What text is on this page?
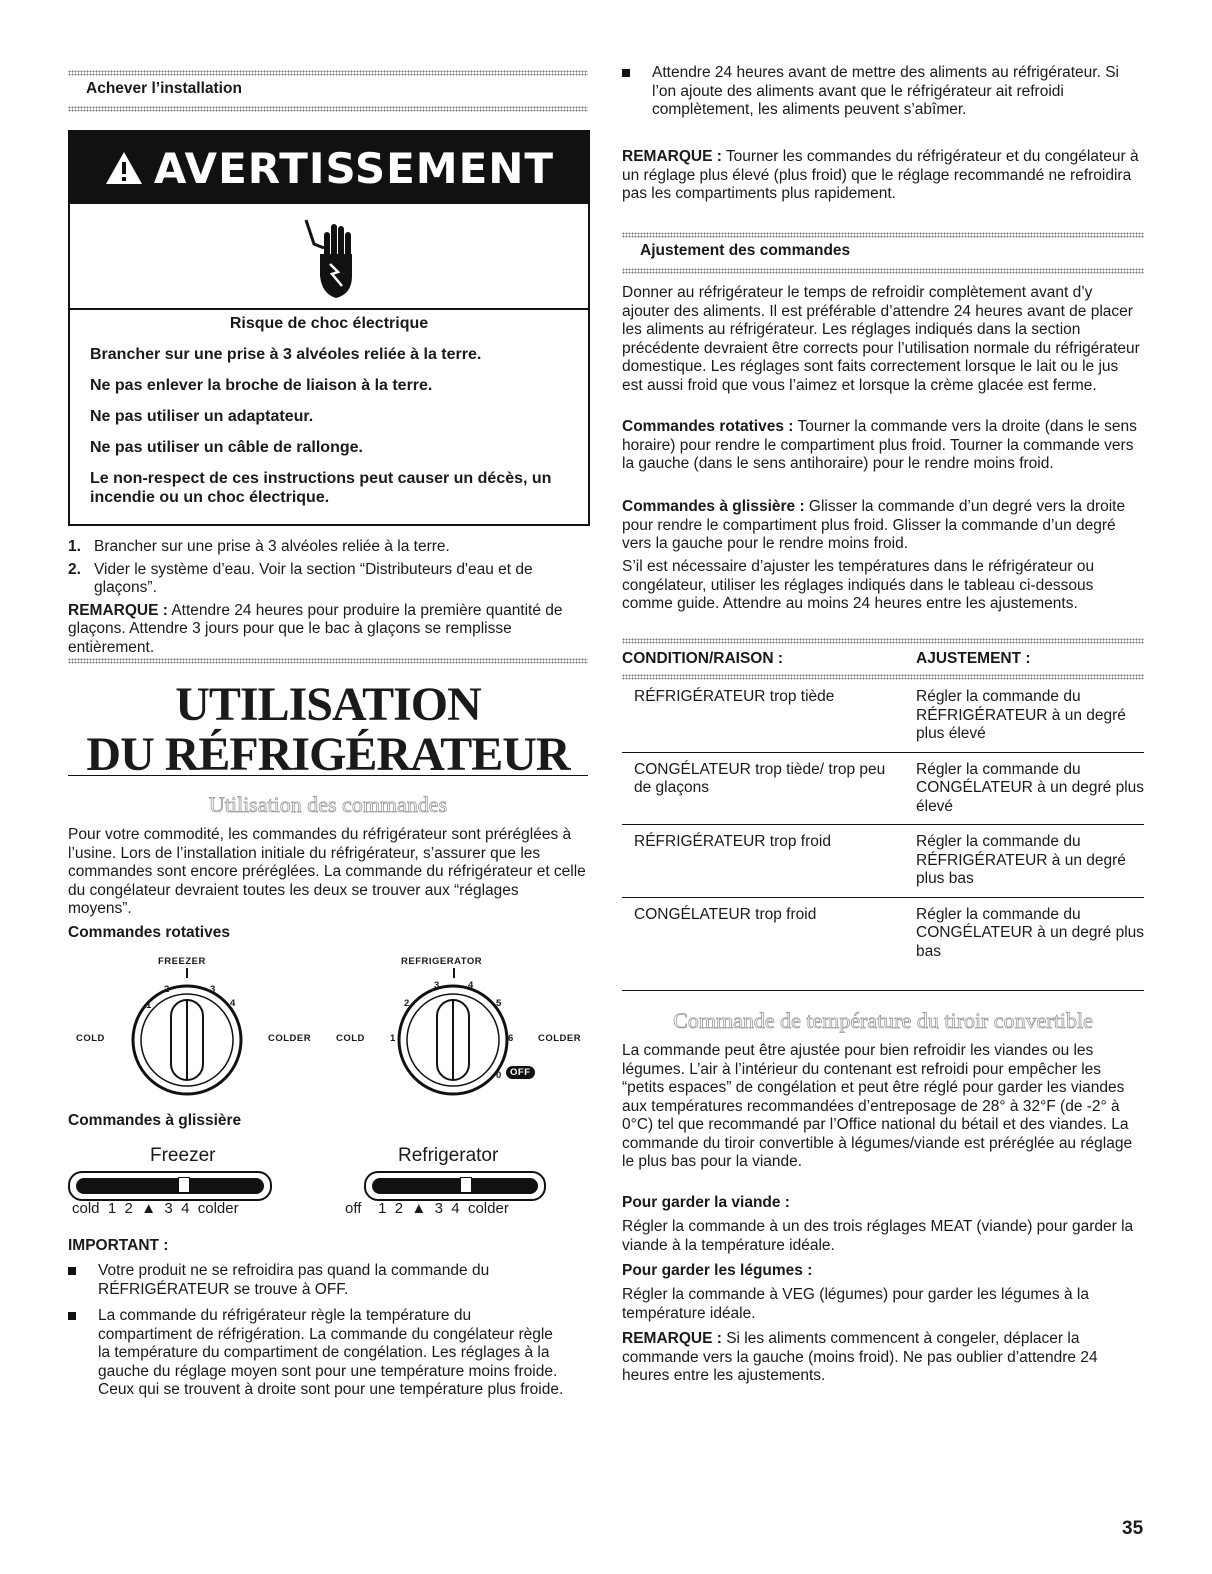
Achever l’installation
AVERTISSEMENT
Risque de choc électrique
Brancher sur une prise à 3 alvéoles reliée à la terre.
Ne pas enlever la broche de liaison à la terre.
Ne pas utiliser un adaptateur.
Ne pas utiliser un câble de rallonge.
Le non-respect de ces instructions peut causer un décès, un incendie ou un choc électrique.

1. Brancher sur une prise à 3 alvéoles reliée à la terre.

2. Vider le système d’eau. Voir la section “Distributeurs d'eau et de glaçons”.

REMARQUE : Attendre 24 heures pour produire la première quantité de glaçons. Attendre 3 jours pour que le bac à glaçons se remplisse entièrement.

UTILISATION
DU RÉFRIGÉRATEUR
Utilisation des commandes

Pour votre commodité, les commandes du réfrigérateur sont préréglées à l’usine. Lors de l’installation initiale du réfrigérateur, s’assurer que les commandes sont encore préréglées. La commande du réfrigérateur et celle du congélateur devraient toutes les deux se trouver aux “réglages moyens”.

Commandes rotatives
FREEZER
1
2	3
4
COLD	COLDER
REFRIGERATOR
3	4
2	5
1	6
0 OFF
COLD	COLDER
Commandes à glissière
Freezer
cold  1  2  ▲  3  4  colder
Refrigerator
off    1  2  ▲  3  4  colder
IMPORTANT :
Votre produit ne se refroidira pas quand la commande du RÉFRIGÉRATEUR se trouve à OFF.
La commande du réfrigérateur règle la température du compartiment de réfrigération. La commande du congélateur règle la température du compartiment de congélation. Les réglages à la gauche du réglage moyen sont pour une température moins froide. Ceux qui se trouvent à droite sont pour une température plus froide.
Attendre 24 heures avant de mettre des aliments au réfrigérateur. Si l’on ajoute des aliments avant que le réfrigérateur ait refroidi complètement, les aliments peuvent s’abîmer.

REMARQUE : Tourner les commandes du réfrigérateur et du congélateur à un réglage plus élevé (plus froid) que le réglage recommandé ne refroidira pas les compartiments plus rapidement.

Ajustement des commandes

Donner au réfrigérateur le temps de refroidir complètement avant d’y ajouter des aliments. Il est préférable d’attendre 24 heures avant de placer les aliments au réfrigérateur. Les réglages indiqués dans la section précédente devraient être corrects pour l’utilisation normale du réfrigérateur domestique. Les réglages sont faits correctement lorsque le lait ou le jus est aussi froid que vous l’aimez et lorsque la crème glacée est ferme.

Commandes rotatives : Tourner la commande vers la droite (dans le sens horaire) pour rendre le compartiment plus froid. Tourner la commande vers la gauche (dans le sens antihoraire) pour le rendre moins froid.

Commandes à glissière : Glisser la commande d’un degré vers la droite pour rendre le compartiment plus froid. Glisser la commande d’un degré vers la gauche pour le rendre moins froid.

S’il est nécessaire d’ajuster les températures dans le réfrigérateur ou congélateur, utiliser les réglages indiqués dans le tableau ci-dessous comme guide. Attendre au moins 24 heures entre les ajustements.

CONDITION/RAISON :	AJUSTEMENT :
RÉFRIGÉRATEUR trop tiède	Régler la commande du RÉFRIGÉRATEUR à un degré plus élevé
CONGÉLATEUR trop tiède/ trop peu de glaçons	Régler la commande du CONGÉLATEUR à un degré plus élevé
RÉFRIGÉRATEUR trop froid	Régler la commande du RÉFRIGÉRATEUR à un degré plus bas
CONGÉLATEUR trop froid	Régler la commande du CONGÉLATEUR à un degré plus bas
Commande de température du tiroir convertible

La commande peut être ajustée pour bien refroidir les viandes ou les légumes. L’air à l’intérieur du contenant est refroidi pour empêcher les “petits espaces” de congélation et peut être réglé pour garder les viandes aux températures recommandées d’entreposage de 28° à 32°F (de -2° à 0°C) tel que recommandé par l’Office national du bétail et des viandes. La commande du tiroir convertible à légumes/viande est préréglée au réglage le plus bas pour la viande.

Pour garder la viande :

Régler la commande à un des trois réglages MEAT (viande) pour garder la viande à la température idéale.

Pour garder les légumes :

Régler la commande à VEG (légumes) pour garder les légumes à la température idéale.

REMARQUE : Si les aliments commencent à congeler, déplacer la commande vers la gauche (moins froid). Ne pas oublier d’attendre 24 heures entre les ajustements.

35
